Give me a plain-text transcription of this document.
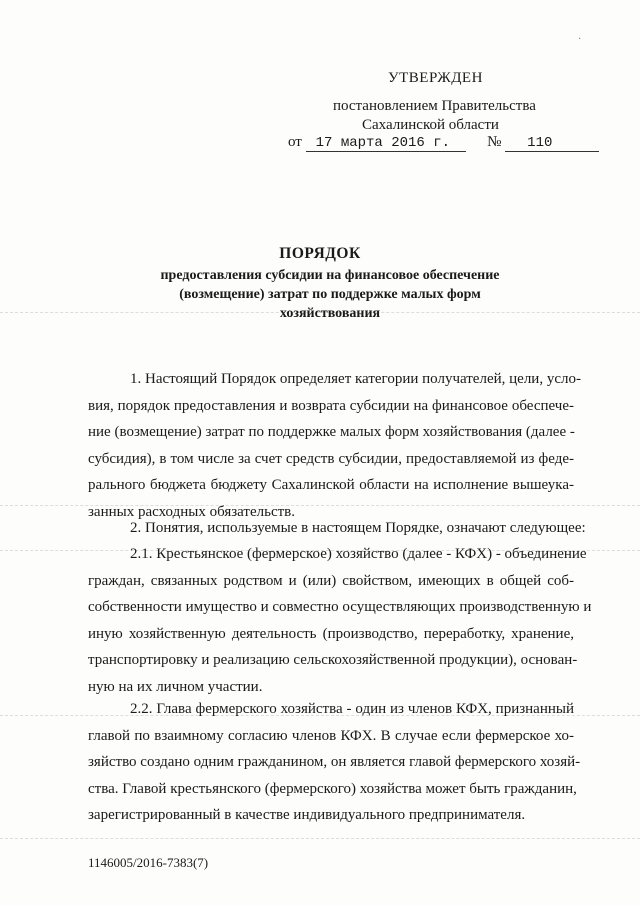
·
УТВЕРЖДЕН
постановлением Правительства
Сахалинской области
от 17 марта 2016 г. № 110
ПОРЯДОК
предоставления субсидии на финансовое обеспечение (возмещение) затрат по поддержке малых форм хозяйствования
1. Настоящий Порядок определяет категории получателей, цели, усло-
вия, порядок предоставления и возврата субсидии на финансовое обеспече-
ние (возмещение) затрат по поддержке малых форм хозяйствования (далее -
субсидия), в том числе за счет средств субсидии, предоставляемой из феде-
рального бюджета бюджету Сахалинской области на исполнение вышеука-
занных расходных обязательств.
2. Понятия, используемые в настоящем Порядке, означают следующее:
2.1. Крестьянское (фермерское) хозяйство (далее - КФХ) - объединение
граждан, связанных родством и (или) свойством, имеющих в общей соб-
собственности имущество и совместно осуществляющих производственную и
иную хозяйственную деятельность (производство, переработку, хранение,
транспортировку и реализацию сельскохозяйственной продукции), основан-
ную на их личном участии.
2.2. Глава фермерского хозяйства - один из членов КФХ, признанный
главой по взаимному согласию членов КФХ. В случае если фермерское хо-
зяйство создано одним гражданином, он является главой фермерского хозяй-
ства. Главой крестьянского (фермерского) хозяйства может быть гражданин,
зарегистрированный в качестве индивидуального предпринимателя.
1146005/2016-7383(7)
